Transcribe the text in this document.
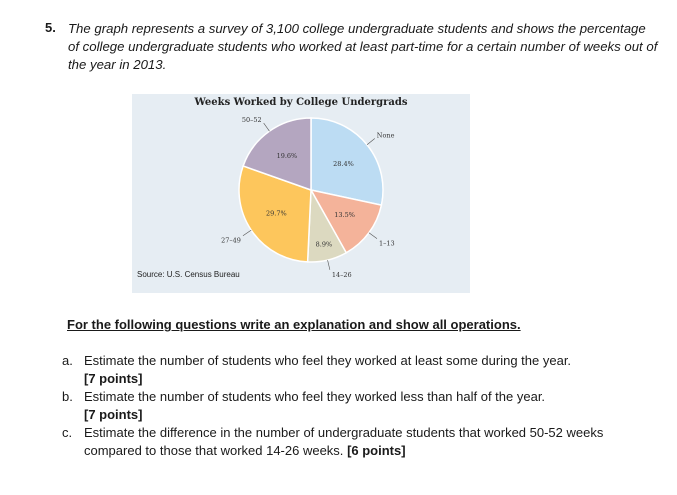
5. The graph represents a survey of 3,100 college undergraduate students and shows the percentage of college undergraduate students who worked at least part-time for a certain number of weeks out of the year in 2013.
Weeks Worked by College Undergrads
28.4%
None
13.5%
1–13
8.9%
14–26
29.7%
27–49
19.6%
50–52
Source: U.S. Census Bureau
For the following questions write an explanation and show all operations.
a. Estimate the number of students who feel they worked at least some during the year.
[7 points]
b. Estimate the number of students who feel they worked less than half of the year.
[7 points]
c. Estimate the difference in the number of undergraduate students that worked 50-52 weeks compared to those that worked 14-26 weeks. [6 points]
